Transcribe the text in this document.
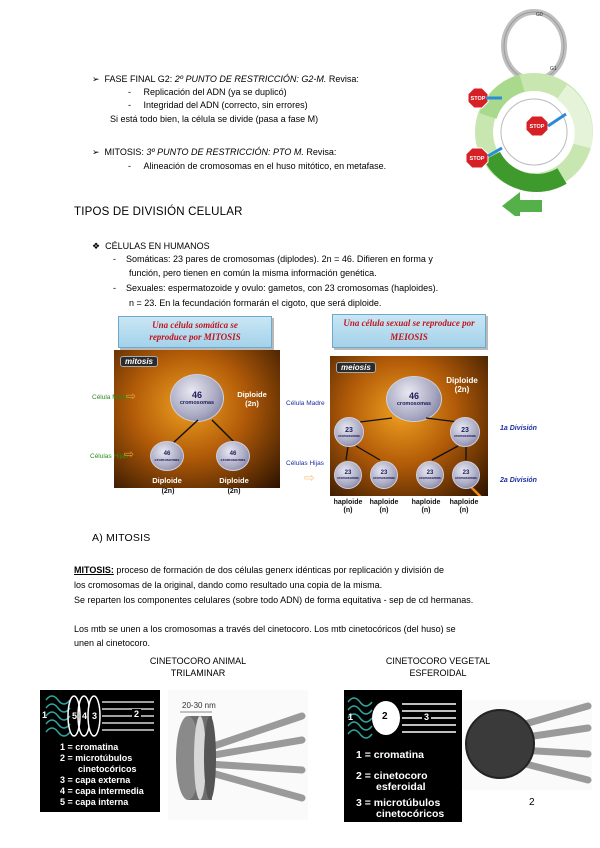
➢  FASE FINAL G2: 2º PUNTO DE RESTRICCIÓN: G2-M. Revisa:
-     Replicación del ADN (ya se duplicó)
-     Integridad del ADN (correcto, sin errores)
Si está todo bien, la célula se divide (pasa a fase M)
➢  MITOSIS: 3º PUNTO DE RESTRICCIÓN: PTO M. Revisa:
-     Alineación de cromosomas en el huso mitótico, en metafase.
G0
G1
STOP
STOP
STOP
TIPOS DE DIVISIÓN CELULAR
❖  CÉLULAS EN HUMANOS
-    Somáticas: 23 pares de cromosomas (diplodes). 2n = 46. Difieren en forma y
función, pero tienen en común la misma información genética.
-    Sexuales: espermatozoide y ovulo: gametos, con 23 cromosomas (haploides).
n = 23. En la fecundación formarán el cigoto, que será diploide.
Una célula somática se
reproduce por MITOSIS
mitosis
46
cromosomas
Diploide
(2n)
46
cromosomas
46
cromosomas
Diploide	Diploide
(2n)	(2n)
Célula Madre
⇨
Células Hijas
⇨
Una célula sexual se reproduce por
MEIOSIS
meiosis
46
cromosomas
Diploide
(2n)
23
cromosomas
23
cromosomas
23
cromosomas
23
cromosomas
23
cromosomas
23
cromosomas
haploide
(n)
haploide
(n)
haploide
(n)
haploide
(n)
Célula Madre
Células Hijas
⇨
1a División
2a División
A) MITOSIS
MITOSIS: proceso de formación de dos células generx idénticas por replicación y división de
los cromosomas de la original, dando como resultado una copia de la misma.
Se reparten los componentes celulares (sobre todo ADN) de forma equitativa - sep de cd hermanas.
Los mtb se unen a los cromosomas a través del cinetocoro. Los mtb cinetocóricos (del huso) se
unen al cinetocoro.
CINETOCORO ANIMAL
TRILAMINAR
CINETOCORO VEGETAL
ESFEROIDAL
1	5 4 3	2
1 = cromatina
2 = microtúbulos
cinetocóricos
3 = capa externa
4 = capa intermedia
5 = capa interna
20-30 nm
1	2	3
1 = cromatina
2 = cinetocoro
esferoidal
3 = microtúbulos
cinetocóricos
2
